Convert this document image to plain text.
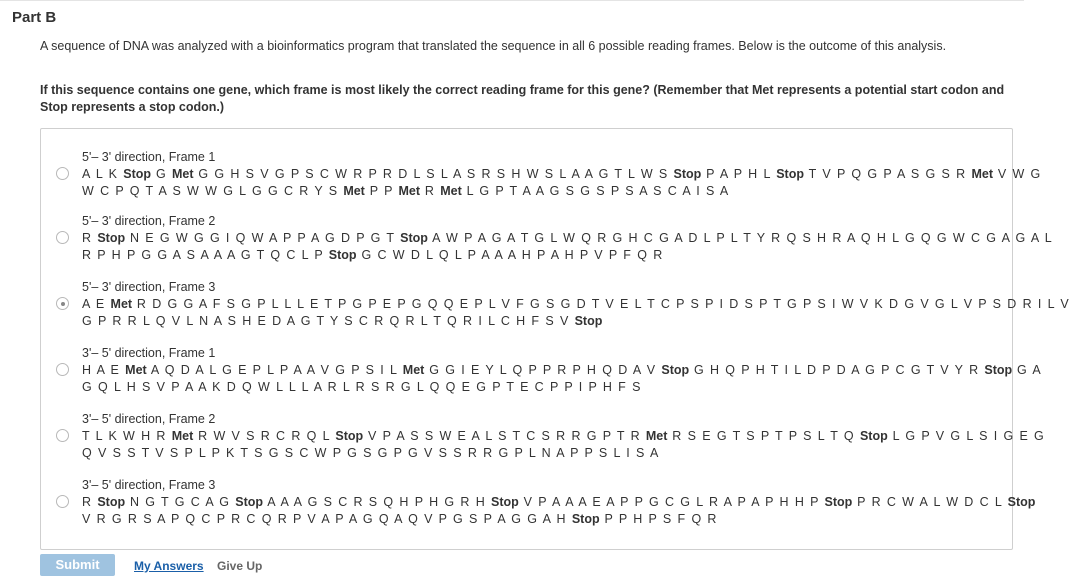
Part B
A sequence of DNA was analyzed with a bioinformatics program that translated the sequence in all 6 possible reading frames. Below is the outcome of this analysis.
If this sequence contains one gene, which frame is most likely the correct reading frame for this gene? (Remember that Met represents a potential start codon and Stop represents a stop codon.)
5'– 3' direction, Frame 1
A L K Stop G Met G G H S V G P S C W R P R D L S L A S R S H W S L A A G T L W S Stop P A P H L Stop T V P Q G P A S G S R Met V W G
W C P Q T A S W W G L G G C R Y S Met P P Met R Met L G P T A A G S G S P S A S C A I S A
5'– 3' direction, Frame 2
R Stop N E G W G G I Q W A P P A G D P G T Stop A W P A G A T G L W Q R G H C G A D L P L T Y R Q S H R A Q H L G Q G W C G A G A L
R P H P G G A S A A A G T Q C L P Stop G C W D L Q L P A A A H P A H P V P F Q R
5'– 3' direction, Frame 3
A E Met R D G G A F S G P L L L E T P G P E P G Q Q E P L V F G S G D T V E L T C P S P I D S P T G P S I W V K D G V G L V P S D R I L V
G P R R L Q V L N A S H E D A G T Y S C R Q R L T Q R I L C H F S V Stop
3'– 5' direction, Frame 1
H A E Met A Q D A L G E P L P A A V G P S I L Met G G I E Y L Q P P R P H Q D A V Stop G H Q P H T I L D P D A G P C G T V Y R Stop G A
G Q L H S V P A A K D Q W L L L A R L R S R G L Q Q E G P T E C P P I P H F S
3'– 5' direction, Frame 2
T L K W H R Met R W V S R C R Q L Stop V P A S S W E A L S T C S R R G P T R Met R S E G T S P T P S L T Q Stop L G P V G L S I G E G
Q V S S T V S P L P K T S G S C W P G S G P G V S S R R G P L N A P P S L I S A
3'– 5' direction, Frame 3
R Stop N G T G C A G Stop A A A G S C R S Q H P H G R H Stop V P A A A E A P P G C G L R A P A P H H P Stop P R C W A L W D C L Stop
V R G R S A P Q C P R C Q R P V A P A G Q A Q V P G S P A G G A H Stop P P H P S F Q R
Submit	My Answers Give Up
